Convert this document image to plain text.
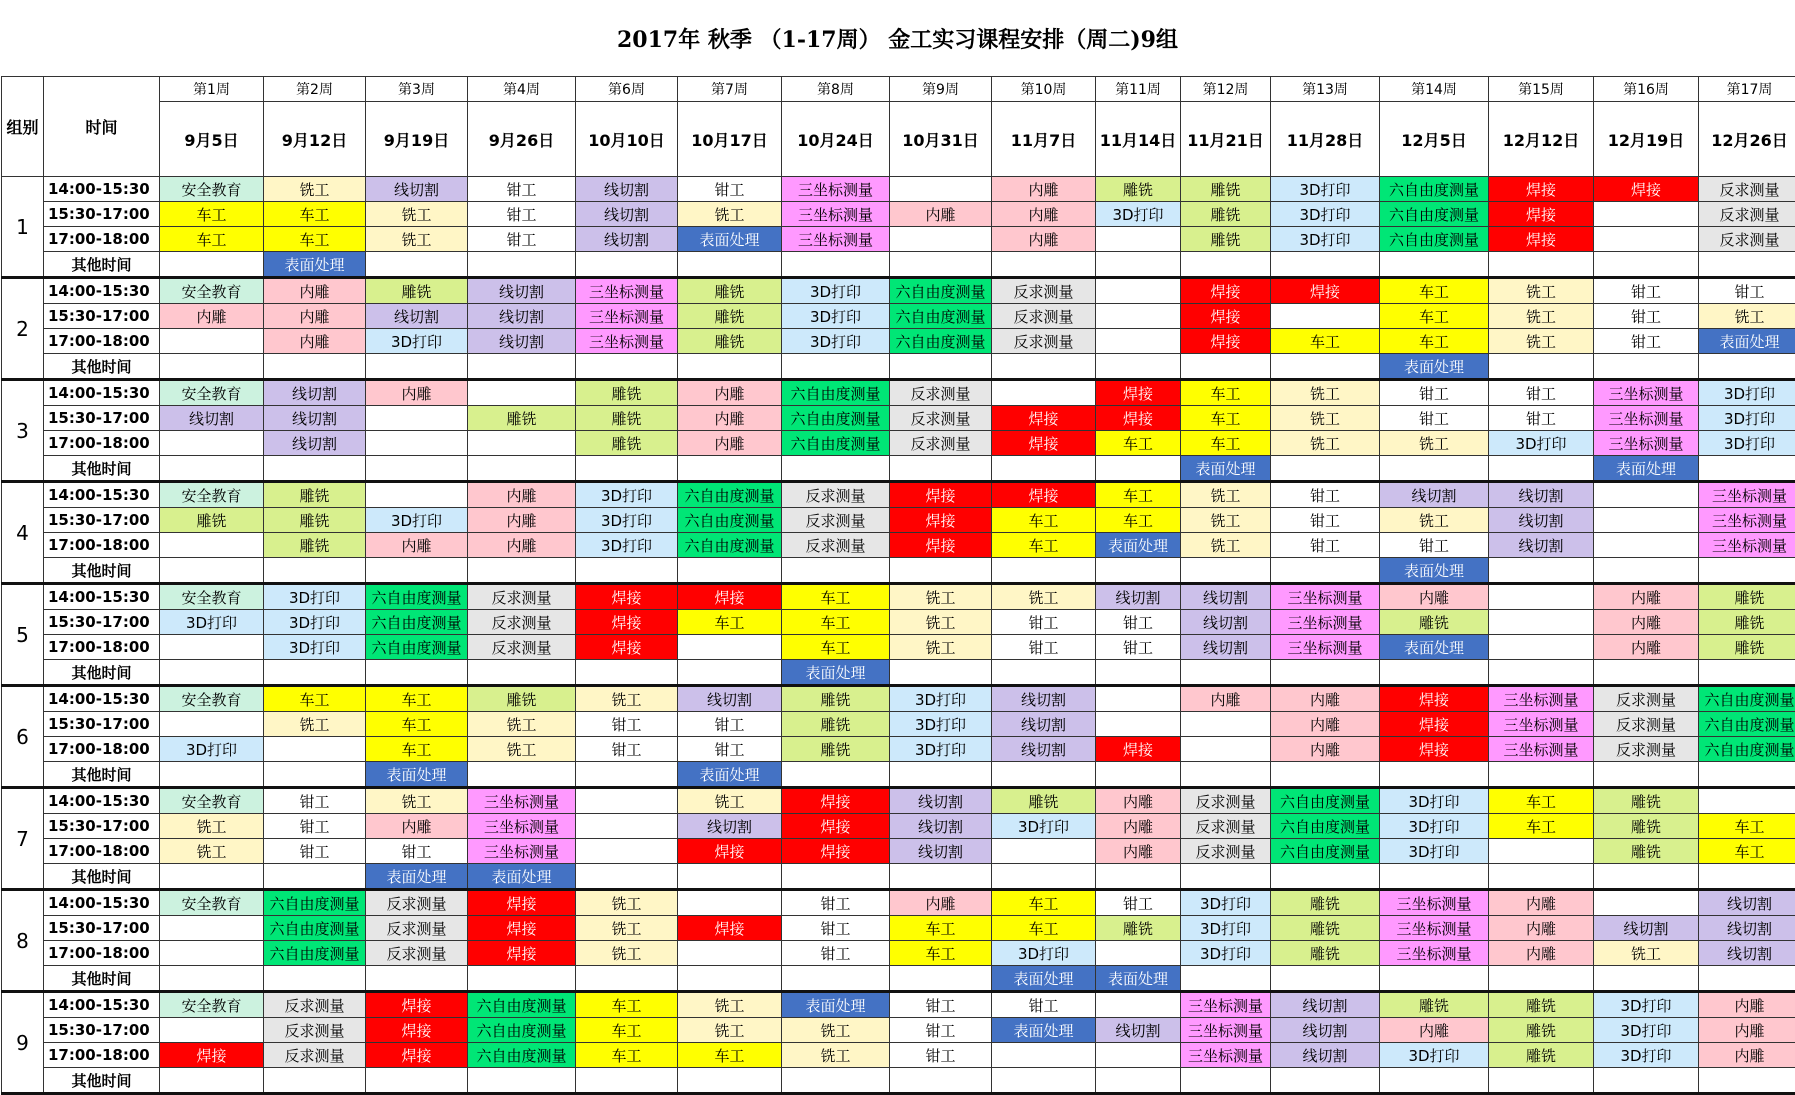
2017年 秋季 （1-17周） 金工实习课程安排（周二)9组
组别	时间	第1周	第2周	第3周	第4周	第6周	第7周	第8周	第9周	第10周	第11周	第12周	第13周	第14周	第15周	第16周	第17周
		9月5日	9月12日	9月19日	9月26日	10月10日	10月17日	10月24日	10月31日	11月7日	11月14日	11月21日	11月28日	12月5日	12月12日	12月19日	12月26日
1	14:00-15:30	安全教育	铣工	线切割	钳工	线切割	钳工	三坐标测量		内雕	雕铣	雕铣	3D打印	六自由度测量	焊接	焊接	反求测量
	15:30-17:00	车工	车工	铣工	钳工	线切割	铣工	三坐标测量	内雕	内雕	3D打印	雕铣	3D打印	六自由度测量	焊接		反求测量
	17:00-18:00	车工	车工	铣工	钳工	线切割	表面处理	三坐标测量		内雕		雕铣	3D打印	六自由度测量	焊接		反求测量
	其他时间		表面处理														
2	14:00-15:30	安全教育	内雕	雕铣	线切割	三坐标测量	雕铣	3D打印	六自由度测量	反求测量		焊接	焊接	车工	铣工	钳工	钳工
	15:30-17:00	内雕	内雕	线切割	线切割	三坐标测量	雕铣	3D打印	六自由度测量	反求测量		焊接		车工	铣工	钳工	铣工
	17:00-18:00		内雕	3D打印	线切割	三坐标测量	雕铣	3D打印	六自由度测量	反求测量		焊接	车工	车工	铣工	钳工	表面处理
	其他时间													表面处理			
3	14:00-15:30	安全教育	线切割	内雕		雕铣	内雕	六自由度测量	反求测量		焊接	车工	铣工	钳工	钳工	三坐标测量	3D打印
	15:30-17:00	线切割	线切割		雕铣	雕铣	内雕	六自由度测量	反求测量	焊接	焊接	车工	铣工	钳工	钳工	三坐标测量	3D打印
	17:00-18:00		线切割			雕铣	内雕	六自由度测量	反求测量	焊接	车工	车工	铣工	铣工	3D打印	三坐标测量	3D打印
	其他时间											表面处理				表面处理	
4	14:00-15:30	安全教育	雕铣		内雕	3D打印	六自由度测量	反求测量	焊接	焊接	车工	铣工	钳工	线切割	线切割		三坐标测量
	15:30-17:00	雕铣	雕铣	3D打印	内雕	3D打印	六自由度测量	反求测量	焊接	车工	车工	铣工	钳工	铣工	线切割		三坐标测量
	17:00-18:00		雕铣	内雕	内雕	3D打印	六自由度测量	反求测量	焊接	车工	表面处理	铣工	钳工	钳工	线切割		三坐标测量
	其他时间													表面处理			
5	14:00-15:30	安全教育	3D打印	六自由度测量	反求测量	焊接	焊接	车工	铣工	铣工	线切割	线切割	三坐标测量	内雕		内雕	雕铣
	15:30-17:00	3D打印	3D打印	六自由度测量	反求测量	焊接	车工	车工	铣工	钳工	钳工	线切割	三坐标测量	雕铣		内雕	雕铣
	17:00-18:00		3D打印	六自由度测量	反求测量	焊接		车工	铣工	钳工	钳工	线切割	三坐标测量	表面处理		内雕	雕铣
	其他时间							表面处理									
6	14:00-15:30	安全教育	车工	车工	雕铣	铣工	线切割	雕铣	3D打印	线切割		内雕	内雕	焊接	三坐标测量	反求测量	六自由度测量
	15:30-17:00		铣工	车工	铣工	钳工	钳工	雕铣	3D打印	线切割			内雕	焊接	三坐标测量	反求测量	六自由度测量
	17:00-18:00	3D打印		车工	铣工	钳工	钳工	雕铣	3D打印	线切割	焊接		内雕	焊接	三坐标测量	反求测量	六自由度测量
	其他时间			表面处理			表面处理										
7	14:00-15:30	安全教育	钳工	铣工	三坐标测量		铣工	焊接	线切割	雕铣	内雕	反求测量	六自由度测量	3D打印	车工	雕铣	
	15:30-17:00	铣工	钳工	内雕	三坐标测量		线切割	焊接	线切割	3D打印	内雕	反求测量	六自由度测量	3D打印	车工	雕铣	车工
	17:00-18:00	铣工	钳工	钳工	三坐标测量		焊接	焊接	线切割		内雕	反求测量	六自由度测量	3D打印		雕铣	车工
	其他时间			表面处理	表面处理												
8	14:00-15:30	安全教育	六自由度测量	反求测量	焊接	铣工		钳工	内雕	车工	钳工	3D打印	雕铣	三坐标测量	内雕		线切割
	15:30-17:00		六自由度测量	反求测量	焊接	铣工	焊接	钳工	车工	车工	雕铣	3D打印	雕铣	三坐标测量	内雕	线切割	线切割
	17:00-18:00		六自由度测量	反求测量	焊接	铣工		钳工	车工	3D打印		3D打印	雕铣	三坐标测量	内雕	铣工	线切割
	其他时间									表面处理	表面处理						
9	14:00-15:30	安全教育	反求测量	焊接	六自由度测量	车工	铣工	表面处理	钳工	钳工		三坐标测量	线切割	雕铣	雕铣	3D打印	内雕
	15:30-17:00		反求测量	焊接	六自由度测量	车工	铣工	铣工	钳工	表面处理	线切割	三坐标测量	线切割	内雕	雕铣	3D打印	内雕
	17:00-18:00	焊接	反求测量	焊接	六自由度测量	车工	车工	铣工	钳工			三坐标测量	线切割	3D打印	雕铣	3D打印	内雕
	其他时间																
